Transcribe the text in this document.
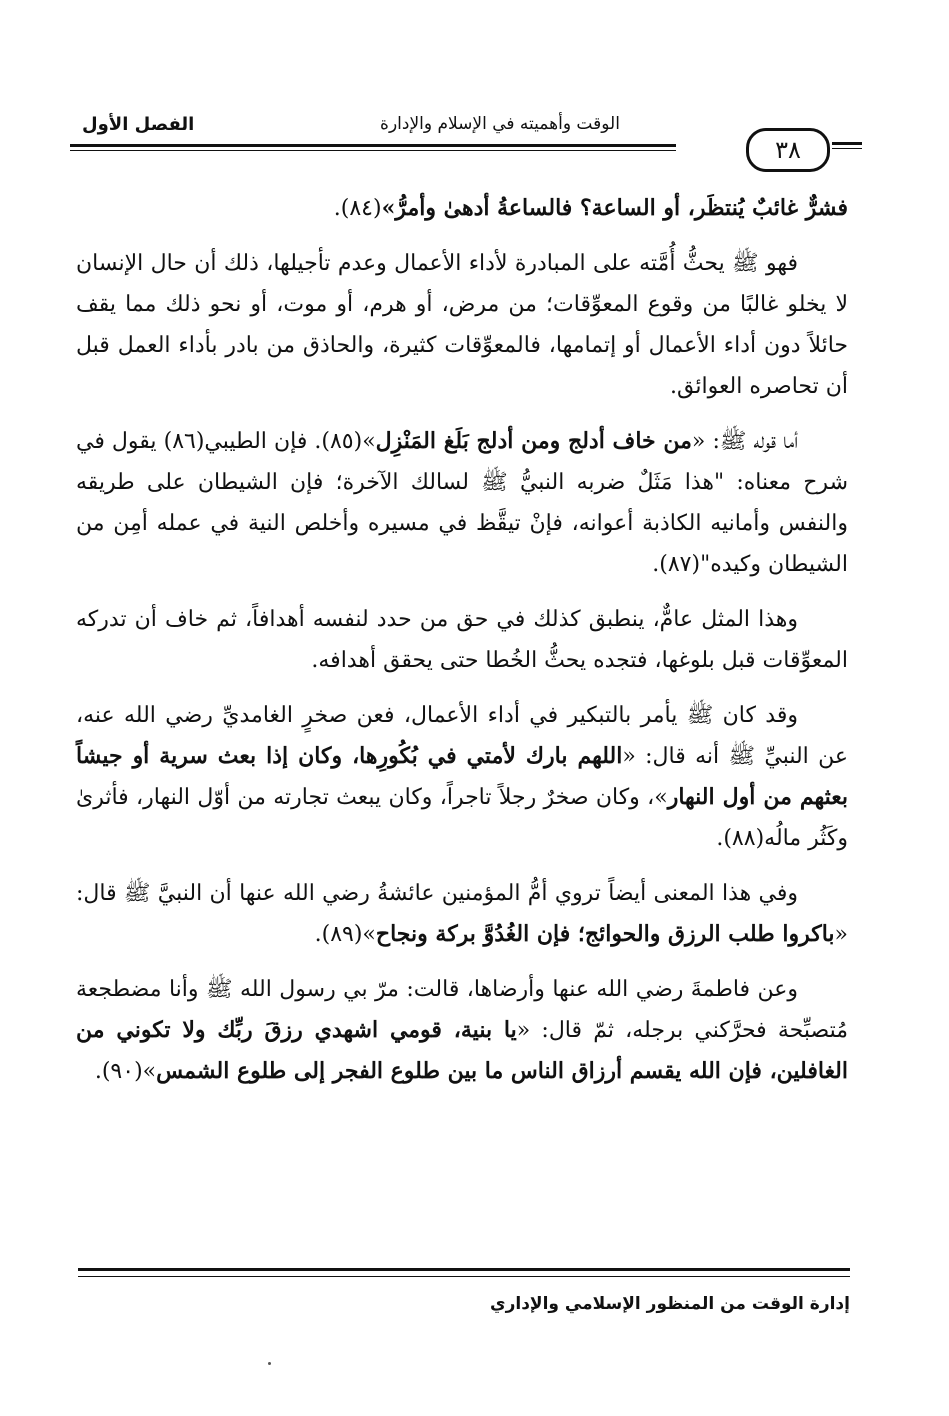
الفصل الأول	الوقت وأهميته في الإسلام والإدارة
٣٨

فشرٌّ غائبٌ يُنتظَر، أو الساعة؟ فالساعةُ أدهىٰ وأمرُّ»(٨٤).

فهو ﷺ يحثُّ أُمَّته على المبادرة لأداء الأعمال وعدم تأجيلها، ذلك أن حال الإنسان لا يخلو غالبًا من وقوع المعوِّقات؛ من مرض، أو هرم، أو موت، أو نحو ذلك مما يقف حائلاً دون أداء الأعمال أو إتمامها، فالمعوِّقات كثيرة، والحاذق من بادر بأداء العمل قبل أن تحاصره العوائق.

أما قوله ﷺ: «من خاف أدلج ومن أدلج بَلَغ المَنْزِل»(٨٥). فإن الطيبي(٨٦) يقول في شرح معناه: "هذا مَثَلٌ ضربه النبيُّ ﷺ لسالك الآخرة؛ فإن الشيطان على طريقه والنفس وأمانيه الكاذبة أعوانه، فإنْ تيقَّظ في مسيره وأخلص النية في عمله أمِن من الشيطان وكيده"(٨٧).

وهذا المثل عامٌّ، ينطبق كذلك في حق من حدد لنفسه أهدافاً، ثم خاف أن تدركه المعوِّقات قبل بلوغها، فتجده يحثُّ الخُطا حتى يحقق أهدافه.

وقد كان ﷺ يأمر بالتبكير في أداء الأعمال، فعن صخرٍ الغامديِّ رضي الله عنه، عن النبيِّ ﷺ أنه قال: «اللهم بارك لأمتي في بُكُورِها، وكان إذا بعث سرية أو جيشاً بعثهم من أول النهار»، وكان صخرٌ رجلاً تاجراً، وكان يبعث تجارته من أوّل النهار، فأثرىٰ وكَثُر مالُه(٨٨).

وفي هذا المعنى أيضاً تروي أمُّ المؤمنين عائشةُ رضي الله عنها أن النبيَّ ﷺ قال: «باكروا طلب الرزق والحوائج؛ فإن الغُدُوَّ بركة ونجاح»(٨٩).

وعن فاطمةَ رضي الله عنها وأرضاها، قالت: مرّ بي رسول الله ﷺ وأنا مضطجعة مُتصبِّحة فحرَّكني برجله، ثمّ قال: «يا بنية، قومي اشهدي رزقَ ربِّك ولا تكوني من الغافلين، فإن الله يقسم أرزاق الناس ما بين طلوع الفجر إلى طلوع الشمس»(٩٠).

إدارة الوقت من المنظور الإسلامي والإداري
